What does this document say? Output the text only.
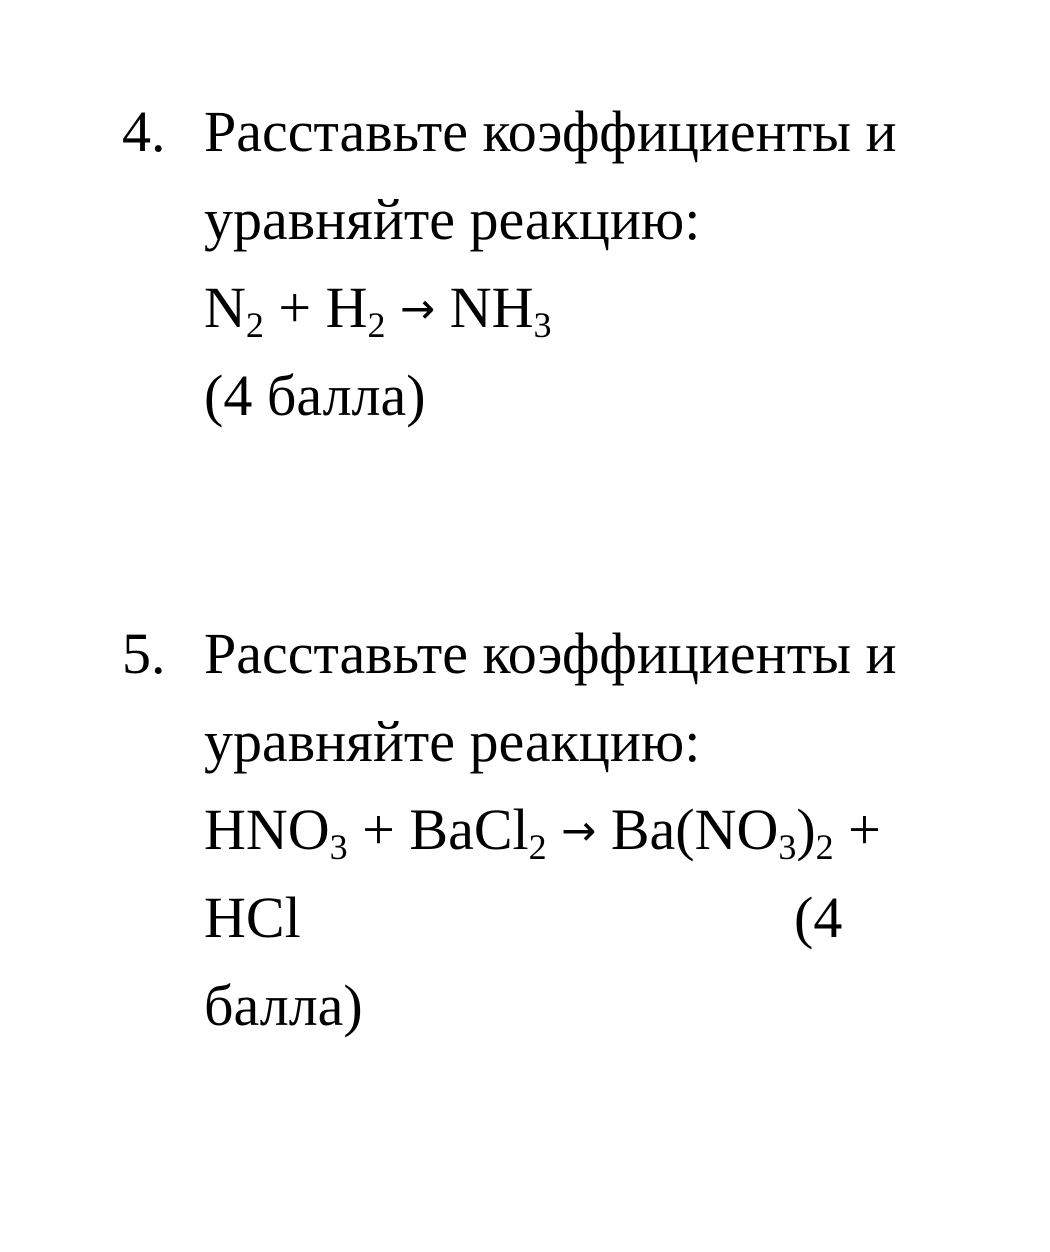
4. Расставьте коэффициенты и
уравняйте реакцию:
$N_2 + H_2 \to NH_3$
(4 балла)
5. Расставьте коэффициенты и
уравняйте реакцию:
$HNO_3$ + BaCl$_2$ → $Ba(NO_3)_2$ +
HCl	(4
балла)
